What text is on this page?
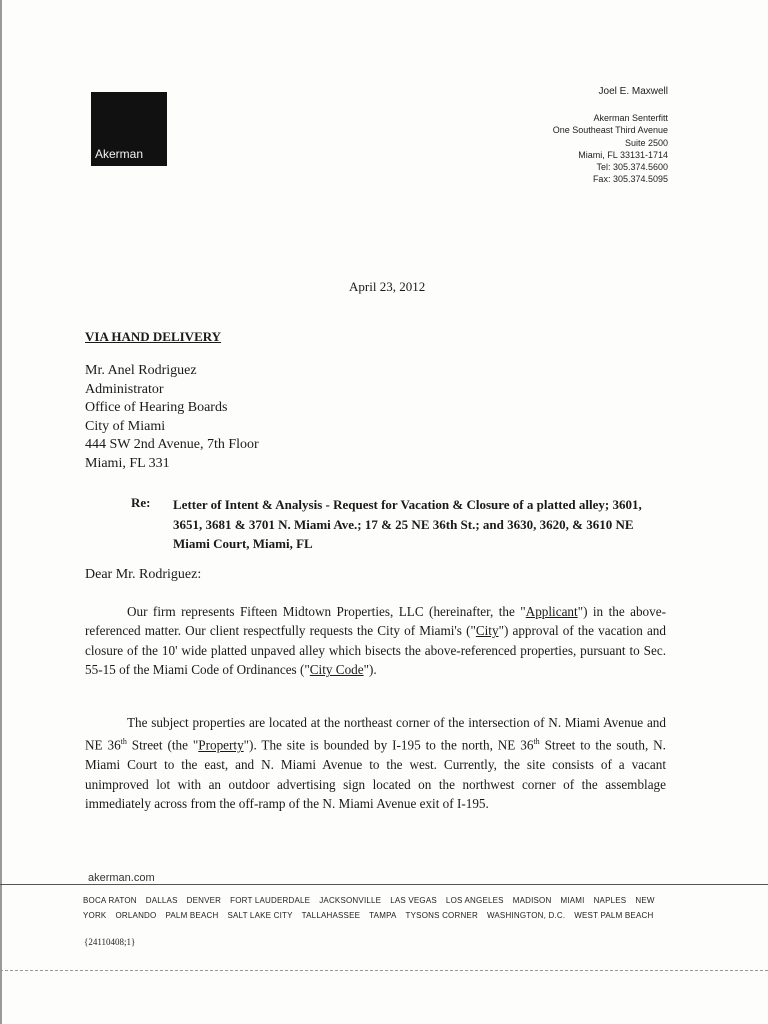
Akerman
Joel E. Maxwell
Akerman Senterfitt
One Southeast Third Avenue
Suite 2500
Miami, FL 33131-1714
Tel: 305.374.5600
Fax: 305.374.5095
April 23, 2012
VIA HAND DELIVERY
Mr. Anel Rodriguez
Administrator
Office of Hearing Boards
City of Miami
444 SW 2nd Avenue, 7th Floor
Miami, FL 331
Re: Letter of Intent & Analysis - Request for Vacation & Closure of a platted alley; 3601, 3651, 3681 & 3701 N. Miami Ave.; 17 & 25 NE 36th St.; and 3630, 3620, & 3610 NE Miami Court, Miami, FL
Dear Mr. Rodriguez:
Our firm represents Fifteen Midtown Properties, LLC (hereinafter, the "Applicant") in the above-referenced matter. Our client respectfully requests the City of Miami's ("City") approval of the vacation and closure of the 10' wide platted unpaved alley which bisects the above-referenced properties, pursuant to Sec. 55-15 of the Miami Code of Ordinances ("City Code").
The subject properties are located at the northeast corner of the intersection of N. Miami Avenue and NE 36th Street (the "Property"). The site is bounded by I-195 to the north, NE 36th Street to the south, N. Miami Court to the east, and N. Miami Avenue to the west. Currently, the site consists of a vacant unimproved lot with an outdoor advertising sign located on the northwest corner of the assemblage immediately across from the off-ramp of the N. Miami Avenue exit of I-195.
akerman.com
BOCA RATON DALLAS DENVER FORT LAUDERDALE JACKSONVILLE LAS VEGAS LOS ANGELES MADISON MIAMI NAPLES NEW YORK ORLANDO PALM BEACH SALT LAKE CITY TALLAHASSEE TAMPA TYSONS CORNER WASHINGTON, D.C. WEST PALM BEACH
{24110408;1}
